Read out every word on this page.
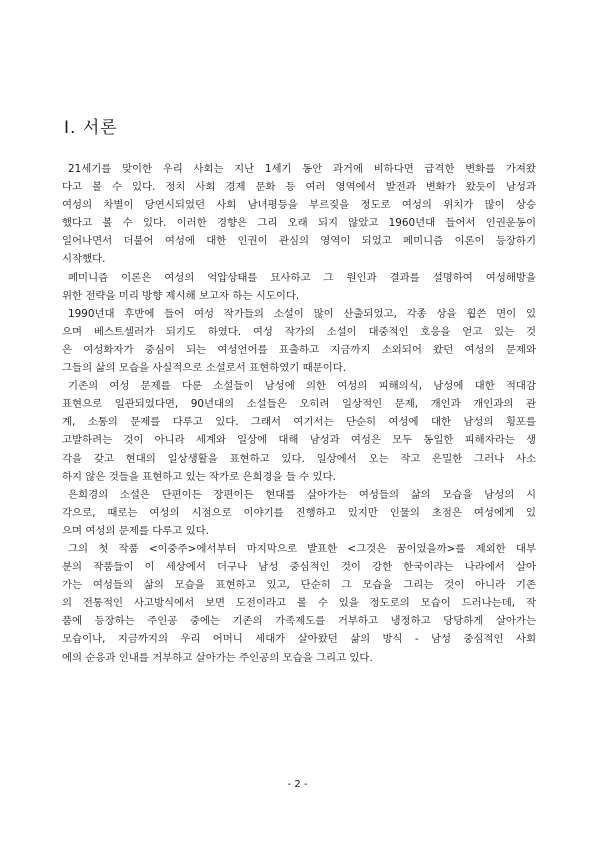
Ⅰ. 서론
21세기를 맞이한 우리 사회는 지난 1세기 동안 과거에 비하다면 급격한 변화를 가져왔
다고 볼 수 있다. 정치 사회 경제 문화 등 여러 영역에서 발전과 변화가 왔듯이 남성과
여성의 차별이 당연시되었던 사회 남녀평등을 부르짖을 정도로 여성의 위치가 많이 상승
했다고 볼 수 있다. 이러한 경향은 그리 오래 되지 않았고 1960년대 들어서 인권운동이
일어나면서 더불어 여성에 대한 인권이 관심의 영역이 되었고 페미니즘 이론이 등장하기
시작했다.
페미니즘 이론은 여성의 억압상태를 묘사하고 그 원인과 결과를 설명하여 여성해방을
위한 전략을 미리 방향 제시해 보고자 하는 시도이다.
1990년대 후반에 들어 여성 작가들의 소설이 많이 산출되었고, 각종 상을 휩쓴 면이 있
으며 베스트셀러가 되기도 하였다. 여성 작가의 소설이 대중적인 호응을 얻고 있는 것
은 여성화자가 중심이 되는 여성언어를 표출하고 지금까지 소외되어 왔던 여성의 문제와
그들의 삶의 모습을 사실적으로 소설로서 표현하였기 때문이다.
기존의 여성 문제를 다룬 소설들이 남성에 의한 여성의 피해의식, 남성에 대한 적대감
표현으로 일관되었다면, 90년대의 소설들은 오히려 일상적인 문제, 개인과 개인과의 관
계, 소통의 문제를 다루고 있다. 그래서 여기서는 단순히 여성에 대한 남성의 횡포를
고발하려는 것이 아니라 세계와 일상에 대해 남성과 여성은 모두 동일한 피해자라는 생
각을 갖고 현대의 일상생활을 표현하고 있다. 일상에서 오는 작고 은밀한 그러나 사소
하지 않은 것들을 표현하고 있는 작가로 은희경을 들 수 있다.
은희경의 소설은 단편이든 장편이든 현대를 살아가는 여성들의 삶의 모습을 남성의 시
각으로, 때로는 여성의 시점으로 이야기를 진행하고 있지만 인물의 초점은 여성에게 있
으며 여성의 문제를 다루고 있다.
그의 첫 작품 <이중주>에서부터 마지막으로 발표한 <그것은 꿈이었을까>를 제외한 대부
분의 작품들이 이 세상에서 더구나 남성 중심적인 것이 강한 한국이라는 나라에서 살아
가는 여성들의 삶의 모습을 표현하고 있고, 단순히 그 모습을 그리는 것이 아니라 기존
의 전통적인 사고방식에서 보면 도전이라고 볼 수 있을 정도로의 모습이 드러나는데, 작
품에 등장하는 주인공 중에는 기존의 가족제도를 거부하고 냉정하고 당당하게 살아가는
모습이나, 지금까지의 우리 어머니 세대가 살아왔던 삶의 방식 - 남성 중심적인 사회
에의 순응과 인내를 거부하고 살아가는 주인공의 모습을 그리고 있다.
- 2 -
